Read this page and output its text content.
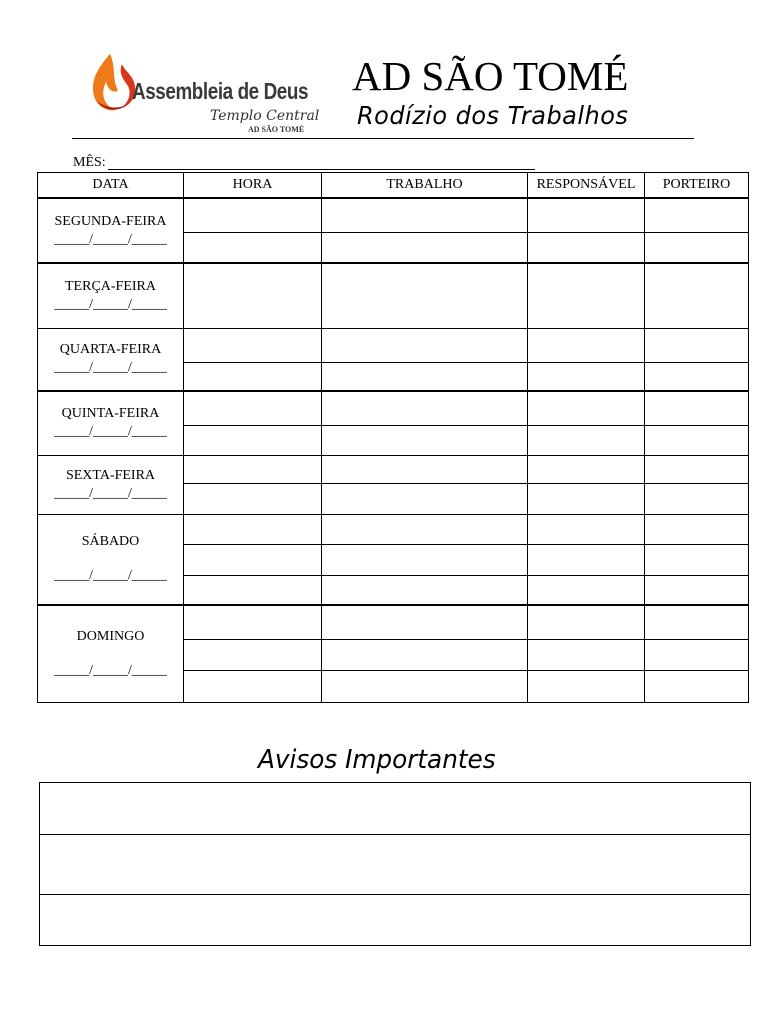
Assembleia de Deus
Templo Central
AD SÃO TOMÉ
AD SÃO TOMÉ
Rodízio dos Trabalhos
MÊS:
DATA	HORA	TRABALHO	RESPONSÁVEL	PORTEIRO

SEGUNDA-FEIRA
_____/_____/_____				

TERÇA-FEIRA
_____/_____/_____				

QUARTA-FEIRA
_____/_____/_____				

QUINTA-FEIRA
_____/_____/_____				

SEXTA-FEIRA
_____/_____/_____				

SÁBADO
_____/_____/_____				

DOMINGO
_____/_____/_____				

Avisos Importantes
